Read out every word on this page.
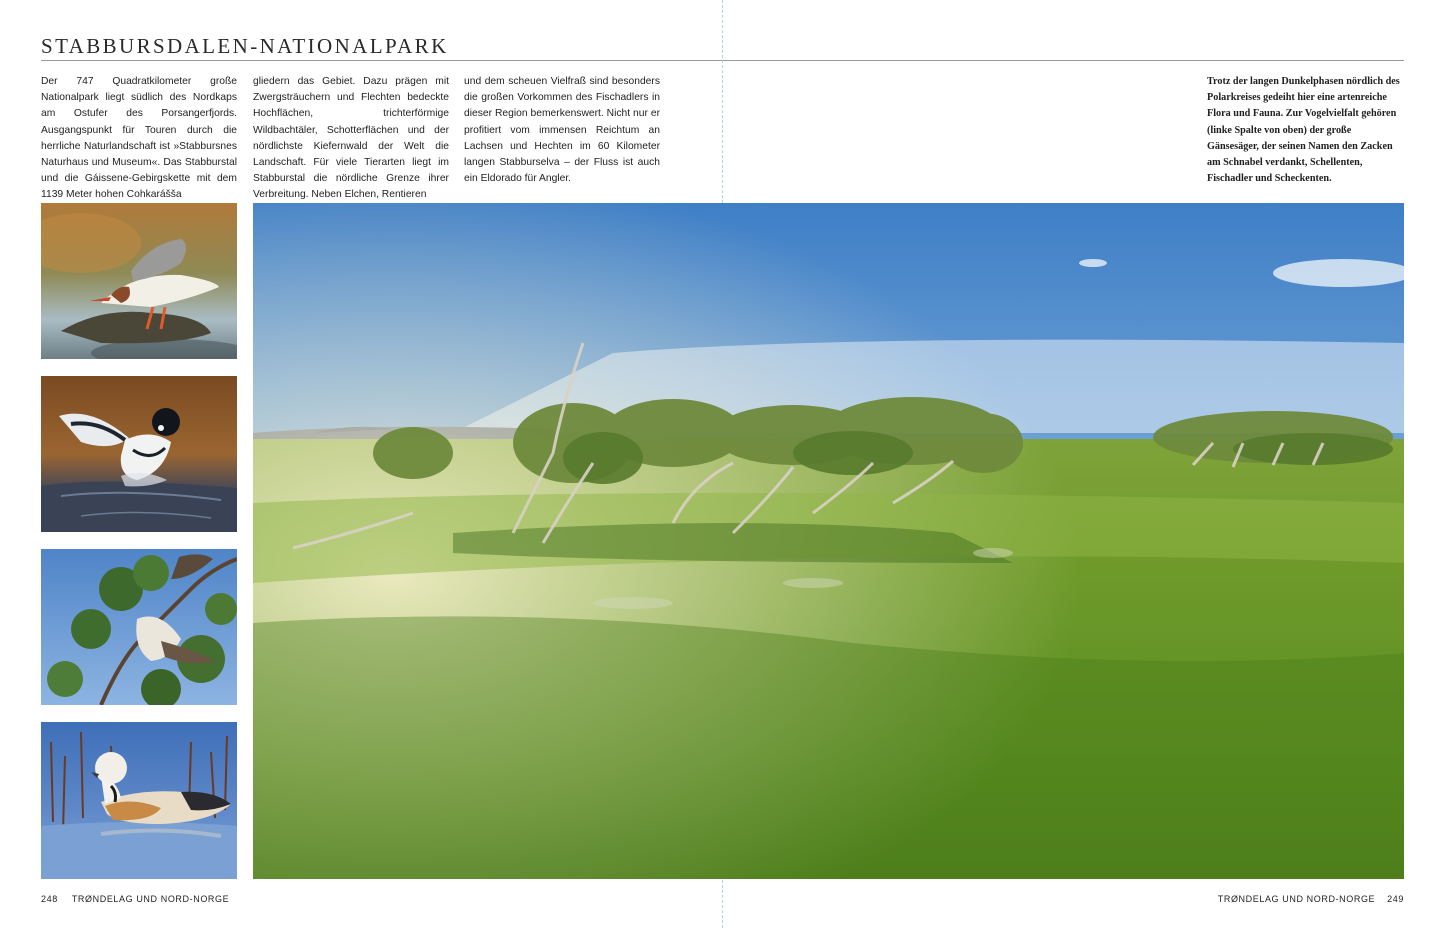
STABBURSDALEN-NATIONALPARK

Der 747 Quadratkilometer große Nationalpark liegt südlich des Nordkaps am Ostufer des Porsangerfjords. Ausgangspunkt für Touren durch die herrliche Naturlandschaft ist »Stabbursnes Naturhaus und Museum«. Das Stabburstal und die Gáissene-Gebirgskette mit dem 1139 Meter hohen Cohkarášša

gliedern das Gebiet. Dazu prägen mit Zwergsträuchern und Flechten bedeckte Hochflächen, trichterförmige Wildbachtäler, Schotterflächen und der nördlichste Kiefernwald der Welt die Landschaft. Für viele Tierarten liegt im Stabburstal die nördliche Grenze ihrer Verbreitung. Neben Elchen, Rentieren

und dem scheuen Vielfraß sind besonders die großen Vorkommen des Fischadlers in dieser Region bemerkenswert. Nicht nur er profitiert vom immensen Reichtum an Lachsen und Hechten im 60 Kilometer langen Stabburselva – der Fluss ist auch ein Eldorado für Angler.

Trotz der langen Dunkelphasen nördlich des Polarkreises gedeiht hier eine artenreiche Flora und Fauna. Zur Vogelvielfalt gehören (linke Spalte von oben) der große Gänsesäger, der seinen Namen den Zacken am Schnabel verdankt, Schellenten, Fischadler und Scheckenten.

248 TRØNDELAG UND NORD-NORGE	TRØNDELAG UND NORD-NORGE 249
